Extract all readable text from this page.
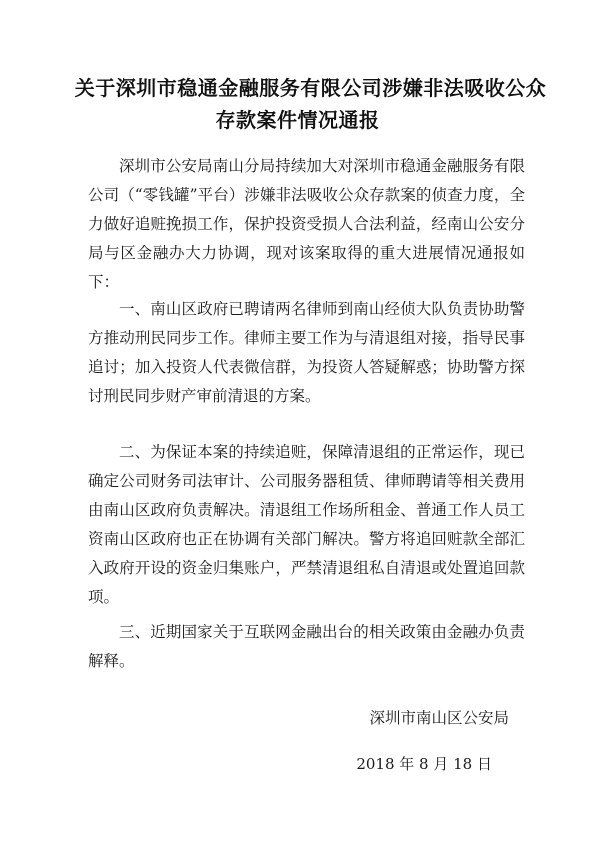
关于深圳市稳通金融服务有限公司涉嫌非法吸收公众
存款案件情况通报
深圳市公安局南山分局持续加大对深圳市稳通金融服务有限公司（“零钱罐”平台）涉嫌非法吸收公众存款案的侦查力度，全力做好追赃挽损工作，保护投资受损人合法利益，经南山公安分局与区金融办大力协调，现对该案取得的重大进展情况通报如下：
一、南山区政府已聘请两名律师到南山经侦大队负责协助警方推动刑民同步工作。律师主要工作为与清退组对接，指导民事追讨；加入投资人代表微信群，为投资人答疑解惑；协助警方探讨刑民同步财产审前清退的方案。
二、为保证本案的持续追赃，保障清退组的正常运作，现已确定公司财务司法审计、公司服务器租赁、律师聘请等相关费用由南山区政府负责解决。清退组工作场所租金、普通工作人员工资南山区政府也正在协调有关部门解决。警方将追回赃款全部汇入政府开设的资金归集账户，严禁清退组私自清退或处置追回款项。
三、近期国家关于互联网金融出台的相关政策由金融办负责解释。
深圳市南山区公安局
2018 年 8 月 18 日
